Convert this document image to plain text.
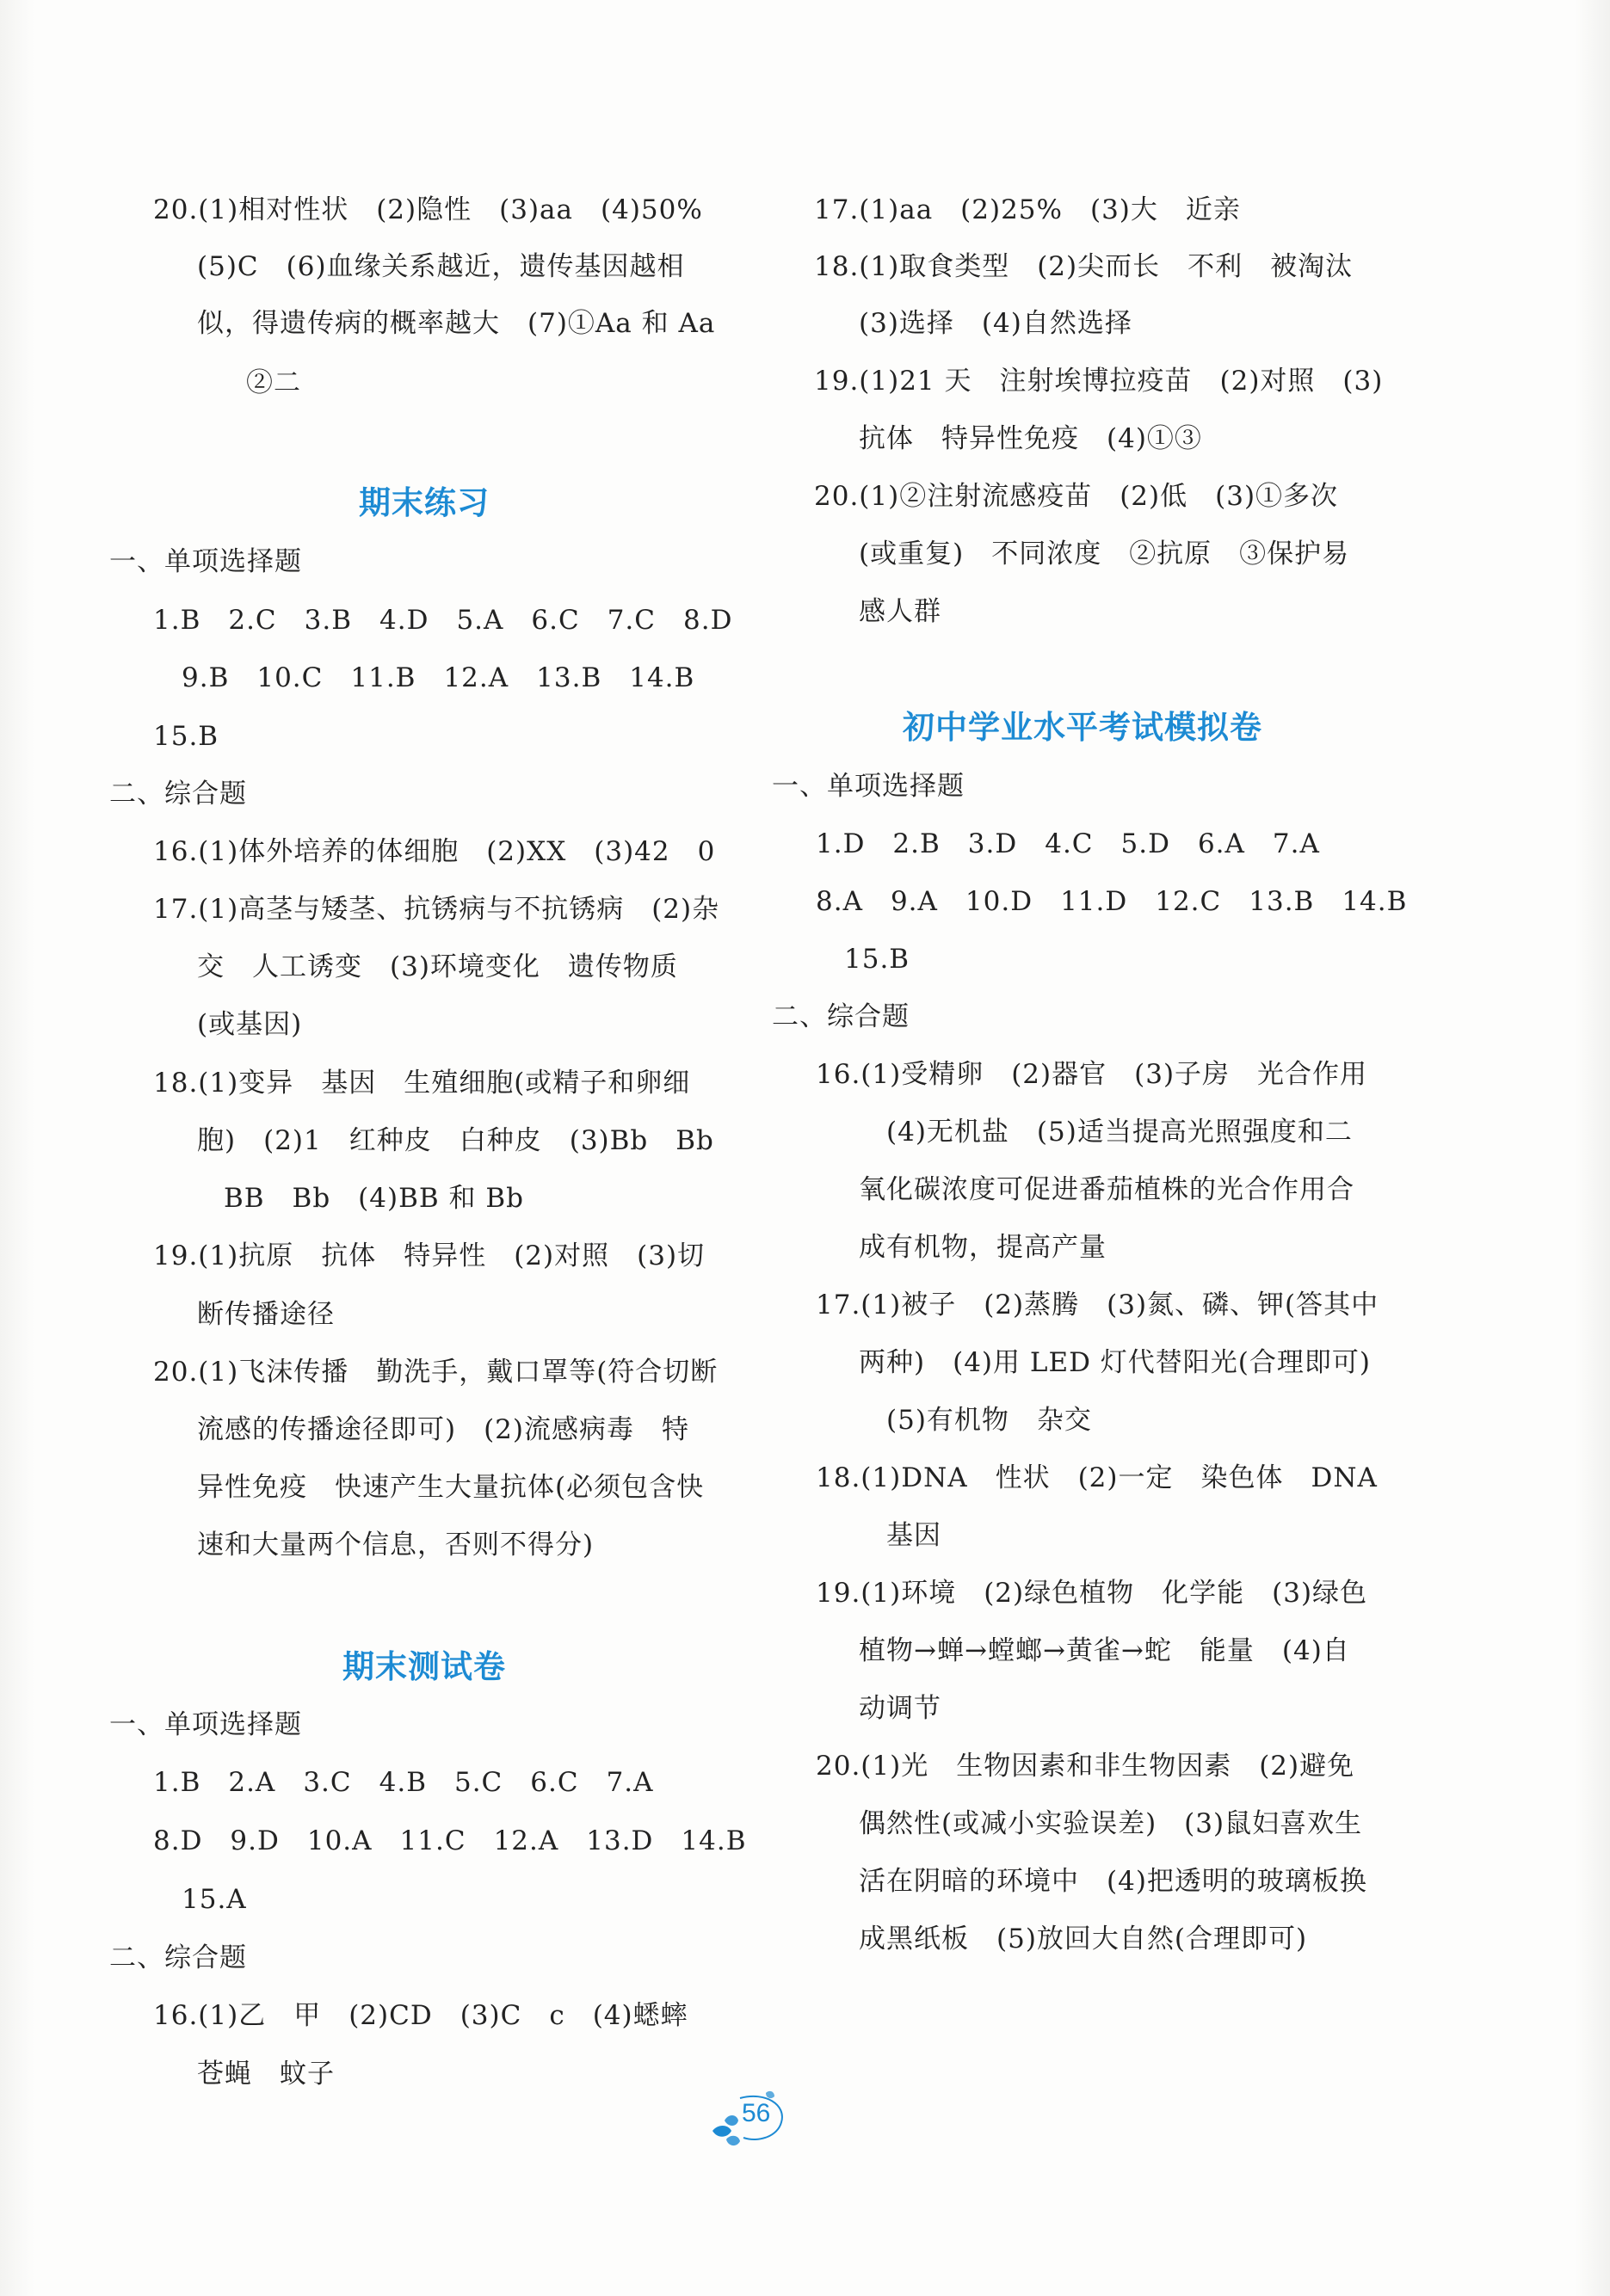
20.(1)相对性状　(2)隐性　(3)aa　(4)50%
(5)C　(6)血缘关系越近，遗传基因越相
似，得遗传病的概率越大　(7)①Aa 和 Aa
②二
期末练习
一、单项选择题
1.B　2.C　3.B　4.D　5.A　6.C　7.C　8.D
9.B　10.C　11.B　12.A　13.B　14.B
15.B
二、综合题
16.(1)体外培养的体细胞　(2)XX　(3)42　0
17.(1)高茎与矮茎、抗锈病与不抗锈病　(2)杂
交　人工诱变　(3)环境变化　遗传物质
(或基因)
18.(1)变异　基因　生殖细胞(或精子和卵细
胞)　(2)1　红种皮　白种皮　(3)Bb　Bb
BB　Bb　(4)BB 和 Bb
19.(1)抗原　抗体　特异性　(2)对照　(3)切
断传播途径
20.(1)飞沫传播　勤洗手，戴口罩等(符合切断
流感的传播途径即可)　(2)流感病毒　特
异性免疫　快速产生大量抗体(必须包含快
速和大量两个信息，否则不得分)
期末测试卷
一、单项选择题
1.B　2.A　3.C　4.B　5.C　6.C　7.A
8.D　9.D　10.A　11.C　12.A　13.D　14.B
15.A
二、综合题
16.(1)乙　甲　(2)CD　(3)C　c　(4)蟋蟀
苍蝇　蚊子
17.(1)aa　(2)25%　(3)大　近亲
18.(1)取食类型　(2)尖而长　不利　被淘汰
(3)选择　(4)自然选择
19.(1)21 天　注射埃博拉疫苗　(2)对照　(3)
抗体　特异性免疫　(4)①③
20.(1)②注射流感疫苗　(2)低　(3)①多次
(或重复)　不同浓度　②抗原　③保护易
感人群
初中学业水平考试模拟卷
一、单项选择题
1.D　2.B　3.D　4.C　5.D　6.A　7.A
8.A　9.A　10.D　11.D　12.C　13.B　14.B
15.B
二、综合题
16.(1)受精卵　(2)器官　(3)子房　光合作用
(4)无机盐　(5)适当提高光照强度和二
氧化碳浓度可促进番茄植株的光合作用合
成有机物，提高产量
17.(1)被子　(2)蒸腾　(3)氮、磷、钾(答其中
两种)　(4)用 LED 灯代替阳光(合理即可)
(5)有机物　杂交
18.(1)DNA　性状　(2)一定　染色体　DNA
基因
19.(1)环境　(2)绿色植物　化学能　(3)绿色
植物→蝉→螳螂→黄雀→蛇　能量　(4)自
动调节
20.(1)光　生物因素和非生物因素　(2)避免
偶然性(或减小实验误差)　(3)鼠妇喜欢生
活在阴暗的环境中　(4)把透明的玻璃板换
成黑纸板　(5)放回大自然(合理即可)
56
